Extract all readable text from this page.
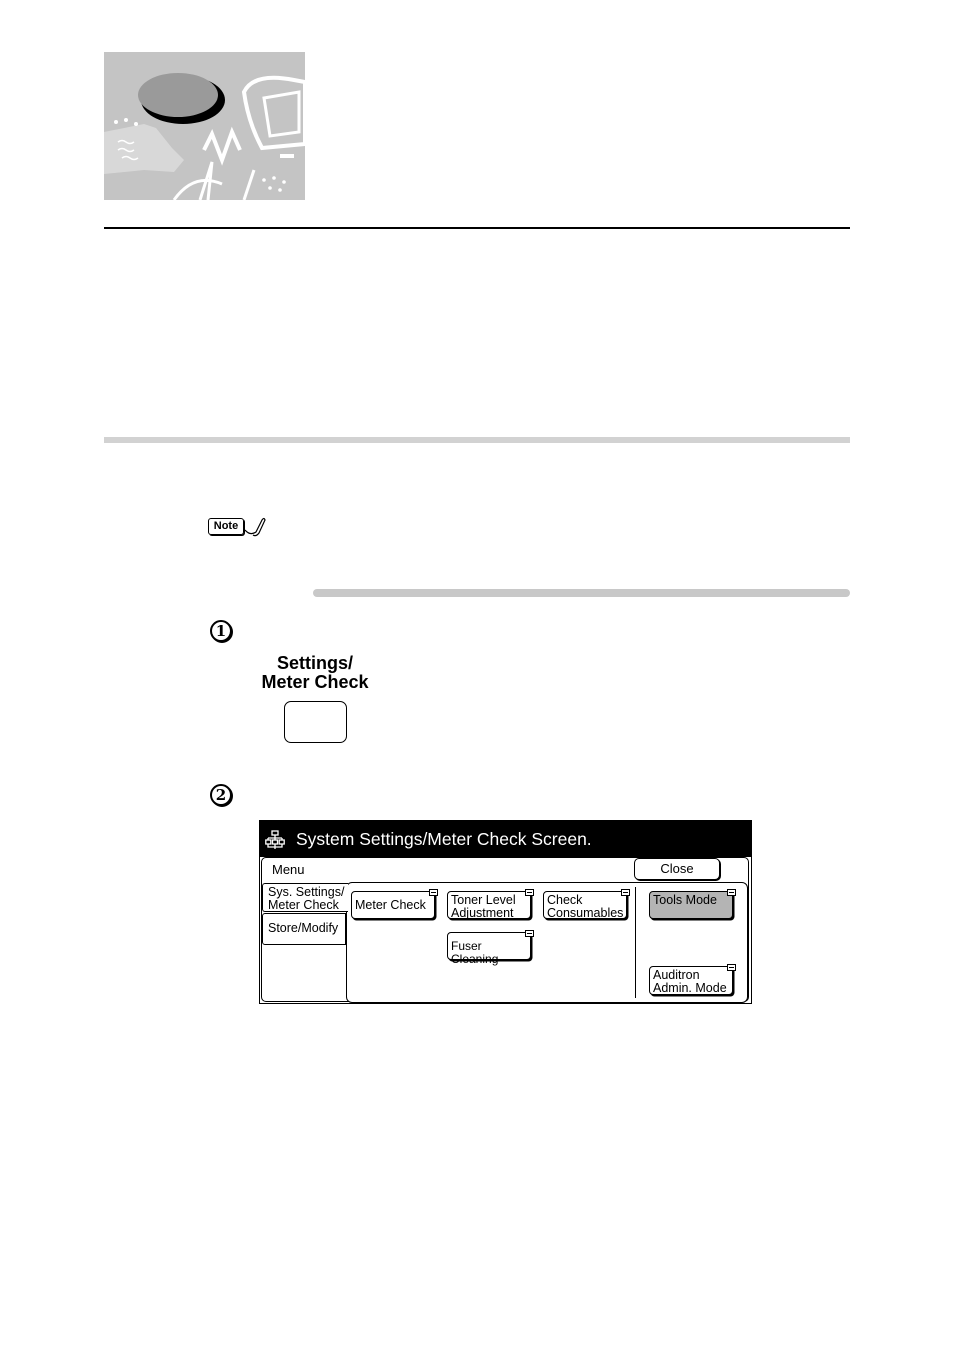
Note
1
Settings/
Meter Check
2
System Settings/Meter Check Screen.
Menu	Close
Sys. Settings/
Meter Check
Store/Modify
Meter Check	Toner Level
Adjustment
Check
Consumables
Fuser Cleaning
Tools Mode
Auditron
Admin. Mode
